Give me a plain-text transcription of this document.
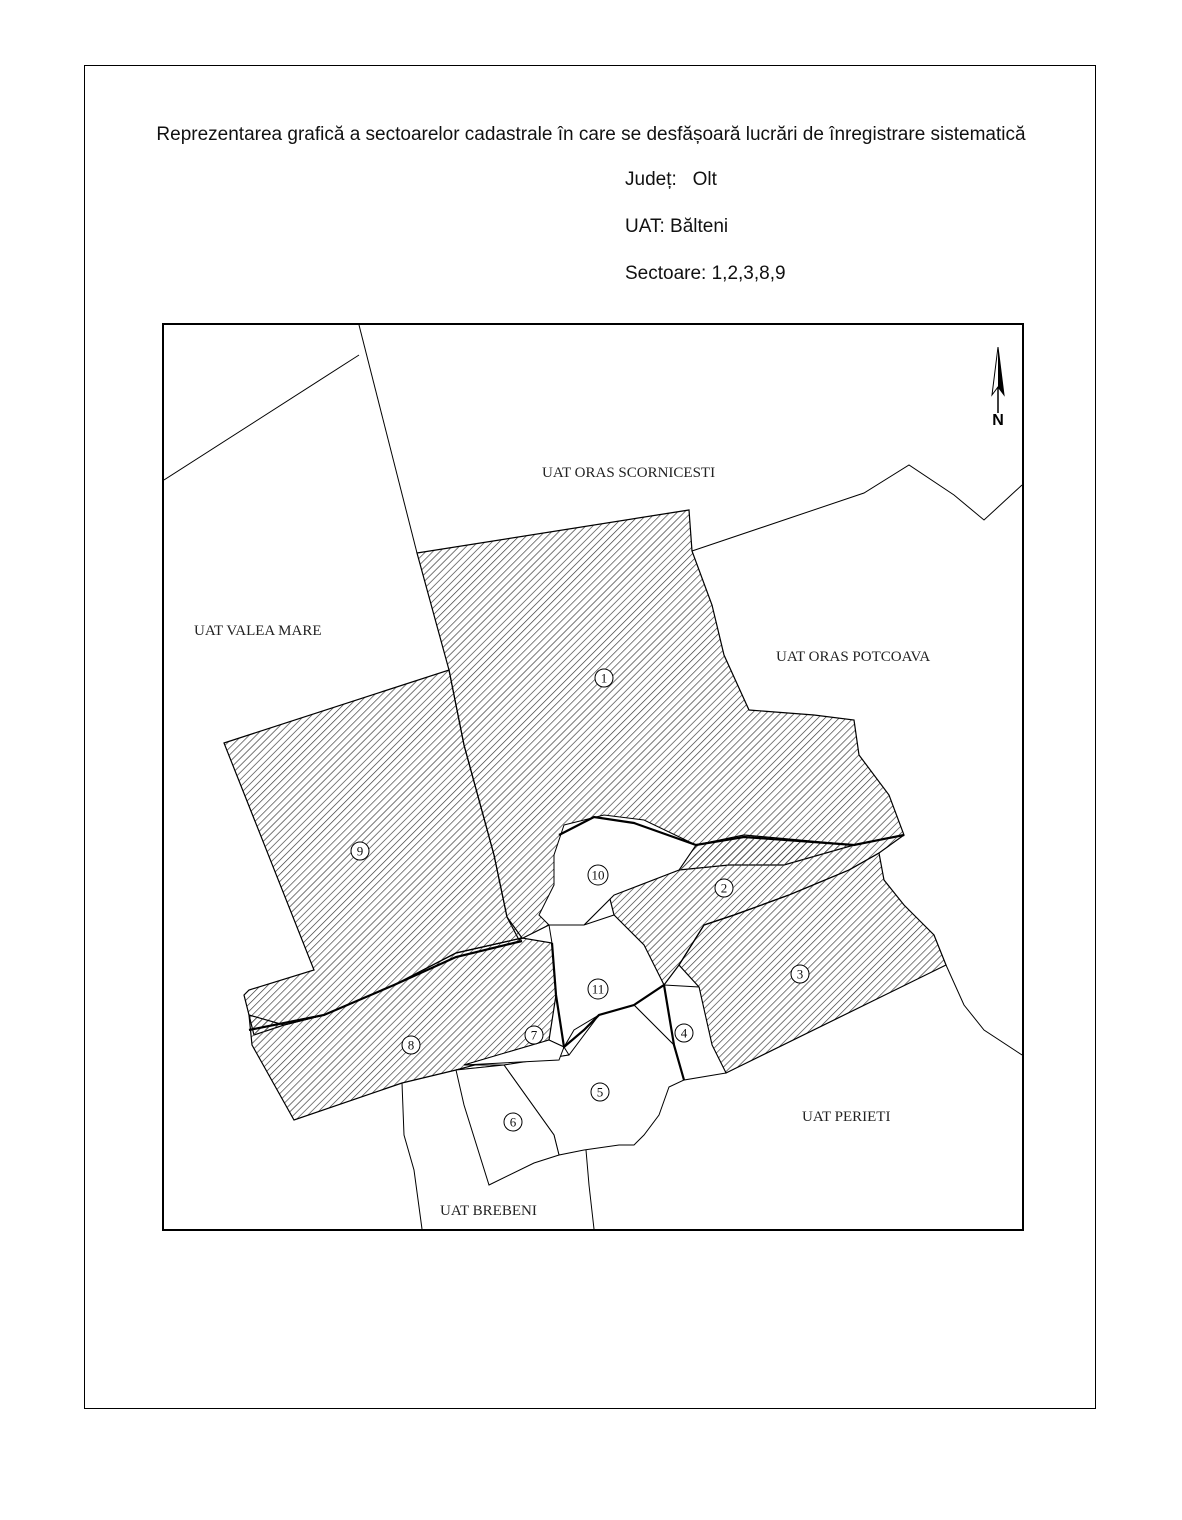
Reprezentarea grafică a sectoarelor cadastrale în care se desfășoară lucrări de înregistrare sistematică
Județ: Olt
UAT: Bălteni
Sectoare: 1,2,3,8,9
UAT ORAS SCORNICESTI
UAT VALEA MARE
UAT ORAS POTCOAVA
UAT PERIETI
UAT BREBENI
N
1
2
3
4
5
6
7
8
9
10
11
